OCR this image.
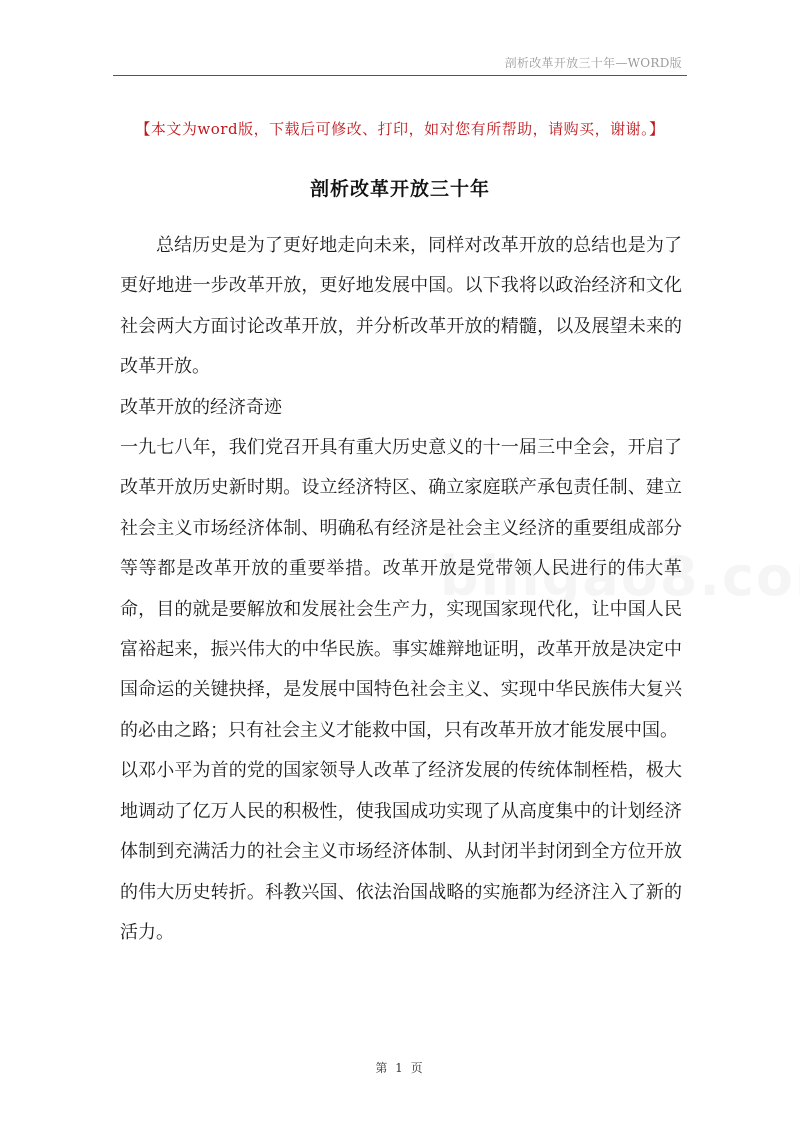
剖析改革开放三十年—WORD版
【本文为word版，下载后可修改、打印，如对您有所帮助，请购买，谢谢。】
剖析改革开放三十年

总结历史是为了更好地走向未来，同样对改革开放的总结也是为了更好地进一步改革开放，更好地发展中国。以下我将以政治经济和文化社会两大方面讨论改革开放，并分析改革开放的精髓，以及展望未来的改革开放。

改革开放的经济奇迹

一九七八年，我们党召开具有重大历史意义的十一届三中全会，开启了改革开放历史新时期。设立经济特区、确立家庭联产承包责任制、建立社会主义市场经济体制、明确私有经济是社会主义经济的重要组成部分等等都是改革开放的重要举措。改革开放是党带领人民进行的伟大革命，目的就是要解放和发展社会生产力，实现国家现代化，让中国人民富裕起来，振兴伟大的中华民族。事实雄辩地证明，改革开放是决定中国命运的关键抉择，是发展中国特色社会主义、实现中华民族伟大复兴的必由之路；只有社会主义才能救中国，只有改革开放才能发展中国。

以邓小平为首的党的国家领导人改革了经济发展的传统体制桎梏，极大地调动了亿万人民的积极性，使我国成功实现了从高度集中的计划经济体制到充满活力的社会主义市场经济体制、从封闭半封闭到全方位开放的伟大历史转折。科教兴国、依法治国战略的实施都为经济注入了新的活力。

第 1 页
